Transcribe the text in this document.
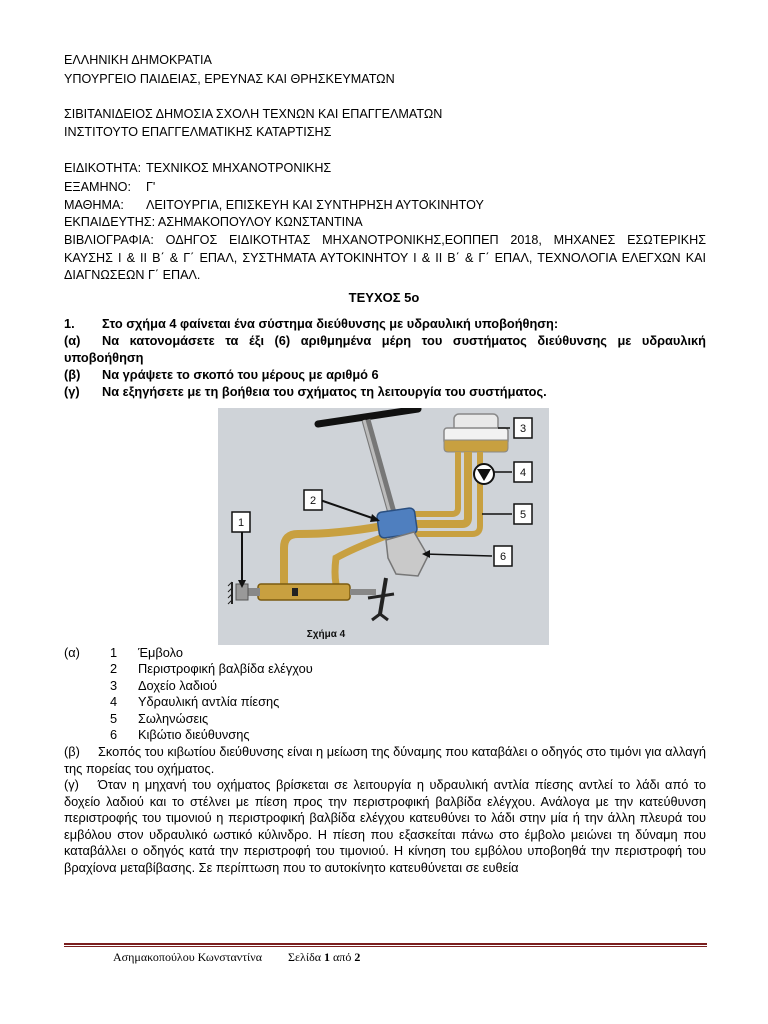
ΕΛΛΗΝΙΚΗ ΔΗΜΟΚΡΑΤΙΑ
ΥΠΟΥΡΓΕΙΟ ΠΑΙΔΕΙΑΣ, ΕΡΕΥΝΑΣ ΚΑΙ ΘΡΗΣΚΕΥΜΑΤΩΝ
ΣΙΒΙΤΑΝΙΔΕΙΟΣ ΔΗΜΟΣΙΑ ΣΧΟΛΗ ΤΕΧΝΩΝ ΚΑΙ ΕΠΑΓΓΕΛΜΑΤΩΝ
ΙΝΣΤΙΤΟΥΤΟ ΕΠΑΓΓΕΛΜΑΤΙΚΗΣ ΚΑΤΑΡΤΙΣΗΣ
ΕΙΔΙΚΟΤΗΤΑ: ΤΕΧΝΙΚΟΣ ΜΗΧΑΝΟΤΡΟΝΙΚΗΣ
ΕΞΑΜΗΝΟ: Γ'
ΜΑΘΗΜΑ: ΛΕΙΤΟΥΡΓΙΑ, ΕΠΙΣΚΕΥΗ ΚΑΙ ΣΥΝΤΗΡΗΣΗ ΑΥΤΟΚΙΝΗΤΟΥ
ΕΚΠΑΙΔΕΥΤΗΣ: ΑΣΗΜΑΚΟΠΟΥΛΟΥ ΚΩΝΣΤΑΝΤΙΝΑ
ΒΙΒΛΙΟΓΡΑΦΙΑ: ΟΔΗΓΟΣ ΕΙΔΙΚΟΤΗΤΑΣ ΜΗΧΑΝΟΤΡΟΝΙΚΗΣ,ΕΟΠΠΕΠ 2018, ΜΗΧΑΝΕΣ ΕΣΩΤΕΡΙΚΗΣ ΚΑΥΣΗΣ Ι & ΙΙ Β΄ & Γ΄ ΕΠΑΛ, ΣΥΣΤΗΜΑΤΑ ΑΥΤΟΚΙΝΗΤΟΥ Ι & ΙΙ Β΄ & Γ΄ ΕΠΑΛ, ΤΕΧΝΟΛΟΓΙΑ ΕΛΕΓΧΩΝ ΚΑΙ ΔΙΑΓΝΩΣΕΩΝ Γ΄ ΕΠΑΛ.
ΤΕΥΧΟΣ 5ο
1. Στο σχήμα 4 φαίνεται ένα σύστημα διεύθυνσης με υδραυλική υποβοήθηση:
(α) Να κατονομάσετε τα έξι (6) αριθμημένα μέρη του συστήματος διεύθυνσης με υδραυλική υποβοήθηση
(β) Να γράψετε το σκοπό του μέρους με αριθμό 6
(γ) Να εξηγήσετε με τη βοήθεια του σχήματος τη λειτουργία του συστήματος.
1
2
3
4
5
6
Σχήμα 4
(α) 1 Έμβολο
2 Περιστροφική βαλβίδα ελέγχου
3 Δοχείο λαδιού
4 Υδραυλική αντλία πίεσης
5 Σωληνώσεις
6 Κιβώτιο διεύθυνσης
(β) Σκοπός του κιβωτίου διεύθυνσης είναι η μείωση της δύναμης που καταβάλει ο οδηγός στο τιμόνι για αλλαγή της πορείας του οχήματος.
(γ) Όταν η μηχανή του οχήματος βρίσκεται σε λειτουργία η υδραυλική αντλία πίεσης αντλεί το λάδι από το δοχείο λαδιού και το στέλνει με πίεση προς την περιστροφική βαλβίδα ελέγχου. Ανάλογα με την κατεύθυνση περιστροφής του τιμονιού η περιστροφική βαλβίδα ελέγχου κατευθύνει το λάδι στην μία ή την άλλη πλευρά του εμβόλου στον υδραυλικό ωστικό κύλινδρο. Η πίεση που εξασκείται πάνω στο έμβολο μειώνει τη δύναμη που καταβάλλει ο οδηγός κατά την περιστροφή του τιμονιού. Η κίνηση του εμβόλου υποβοηθά την περιστροφή του βραχίονα μεταβίβασης. Σε περίπτωση που το αυτοκίνητο κατευθύνεται σε ευθεία
Ασημακοπούλου Κωνσταντίνα Σελίδα 1 από 2
